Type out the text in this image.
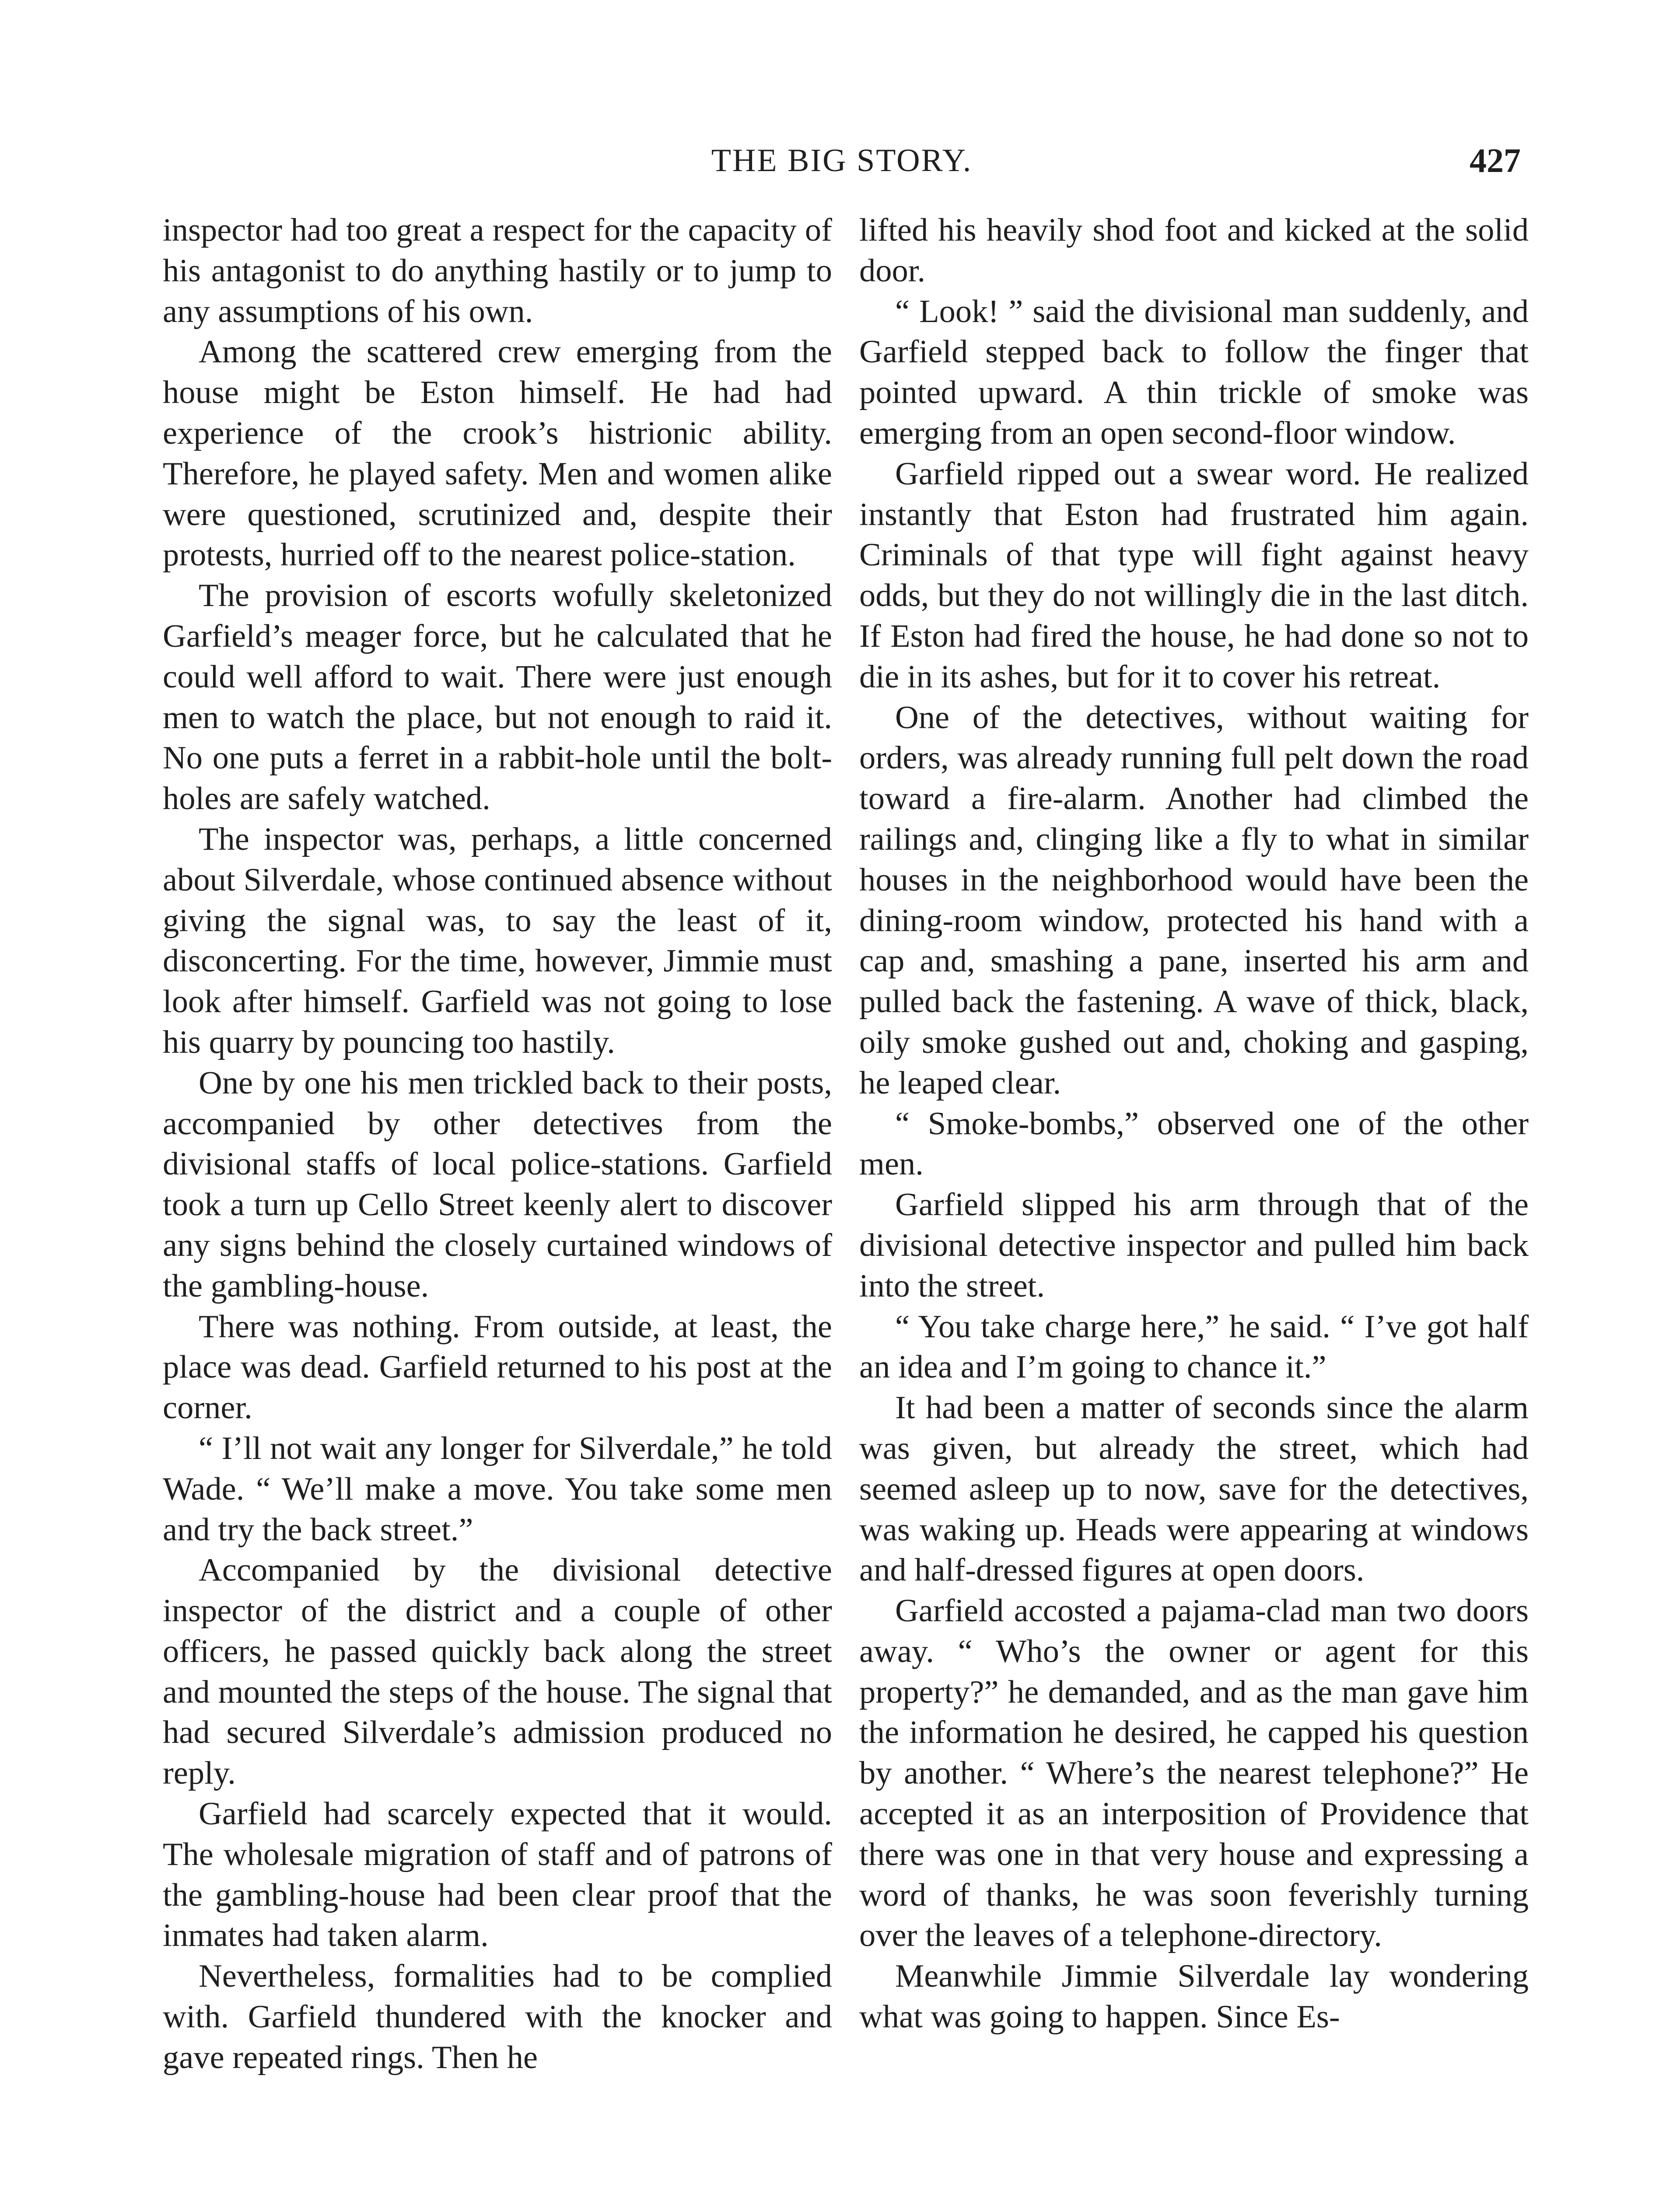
THE BIG STORY.	427

inspector had too great a respect for the capacity of his antagonist to do anything hastily or to jump to any assumptions of his own.

Among the scattered crew emerging from the house might be Eston himself. He had had experience of the crook’s histrionic ability. Therefore, he played safety. Men and women alike were questioned, scrutinized and, despite their protests, hurried off to the nearest police-station.

The provision of escorts wofully skeletonized Garfield’s meager force, but he calculated that he could well afford to wait. There were just enough men to watch the place, but not enough to raid it. No one puts a ferret in a rabbit-hole until the boltholes are safely watched.

The inspector was, perhaps, a little concerned about Silverdale, whose continued absence without giving the signal was, to say the least of it, disconcerting. For the time, however, Jimmie must look after himself. Garfield was not going to lose his quarry by pouncing too hastily.

One by one his men trickled back to their posts, accompanied by other detectives from the divisional staffs of local police-stations. Garfield took a turn up Cello Street keenly alert to discover any signs behind the closely curtained windows of the gambling-house.

There was nothing. From outside, at least, the place was dead. Garfield returned to his post at the corner.

“ I’ll not wait any longer for Silverdale,” he told Wade. “ We’ll make a move. You take some men and try the back street.”

Accompanied by the divisional detective inspector of the district and a couple of other officers, he passed quickly back along the street and mounted the steps of the house. The signal that had secured Silverdale’s admission produced no reply.

Garfield had scarcely expected that it would. The wholesale migration of staff and of patrons of the gambling-house had been clear proof that the inmates had taken alarm.

Nevertheless, formalities had to be complied with. Garfield thundered with the knocker and gave repeated rings. Then he

lifted his heavily shod foot and kicked at the solid door.

“ Look! ” said the divisional man suddenly, and Garfield stepped back to follow the finger that pointed upward. A thin trickle of smoke was emerging from an open second-floor window.

Garfield ripped out a swear word. He realized instantly that Eston had frustrated him again. Criminals of that type will fight against heavy odds, but they do not willingly die in the last ditch. If Eston had fired the house, he had done so not to die in its ashes, but for it to cover his retreat.

One of the detectives, without waiting for orders, was already running full pelt down the road toward a fire-alarm. Another had climbed the railings and, clinging like a fly to what in similar houses in the neighborhood would have been the dining-room window, protected his hand with a cap and, smashing a pane, inserted his arm and pulled back the fastening. A wave of thick, black, oily smoke gushed out and, choking and gasping, he leaped clear.

“ Smoke-bombs,” observed one of the other men.

Garfield slipped his arm through that of the divisional detective inspector and pulled him back into the street.

“ You take charge here,” he said. “ I’ve got half an idea and I’m going to chance it.”

It had been a matter of seconds since the alarm was given, but already the street, which had seemed asleep up to now, save for the detectives, was waking up. Heads were appearing at windows and half-dressed figures at open doors.

Garfield accosted a pajama-clad man two doors away. “ Who’s the owner or agent for this property?” he demanded, and as the man gave him the information he desired, he capped his question by another. “ Where’s the nearest telephone?” He accepted it as an interposition of Providence that there was one in that very house and expressing a word of thanks, he was soon feverishly turning over the leaves of a telephone-directory.

Meanwhile Jimmie Silverdale lay wondering what was going to happen. Since Es-
